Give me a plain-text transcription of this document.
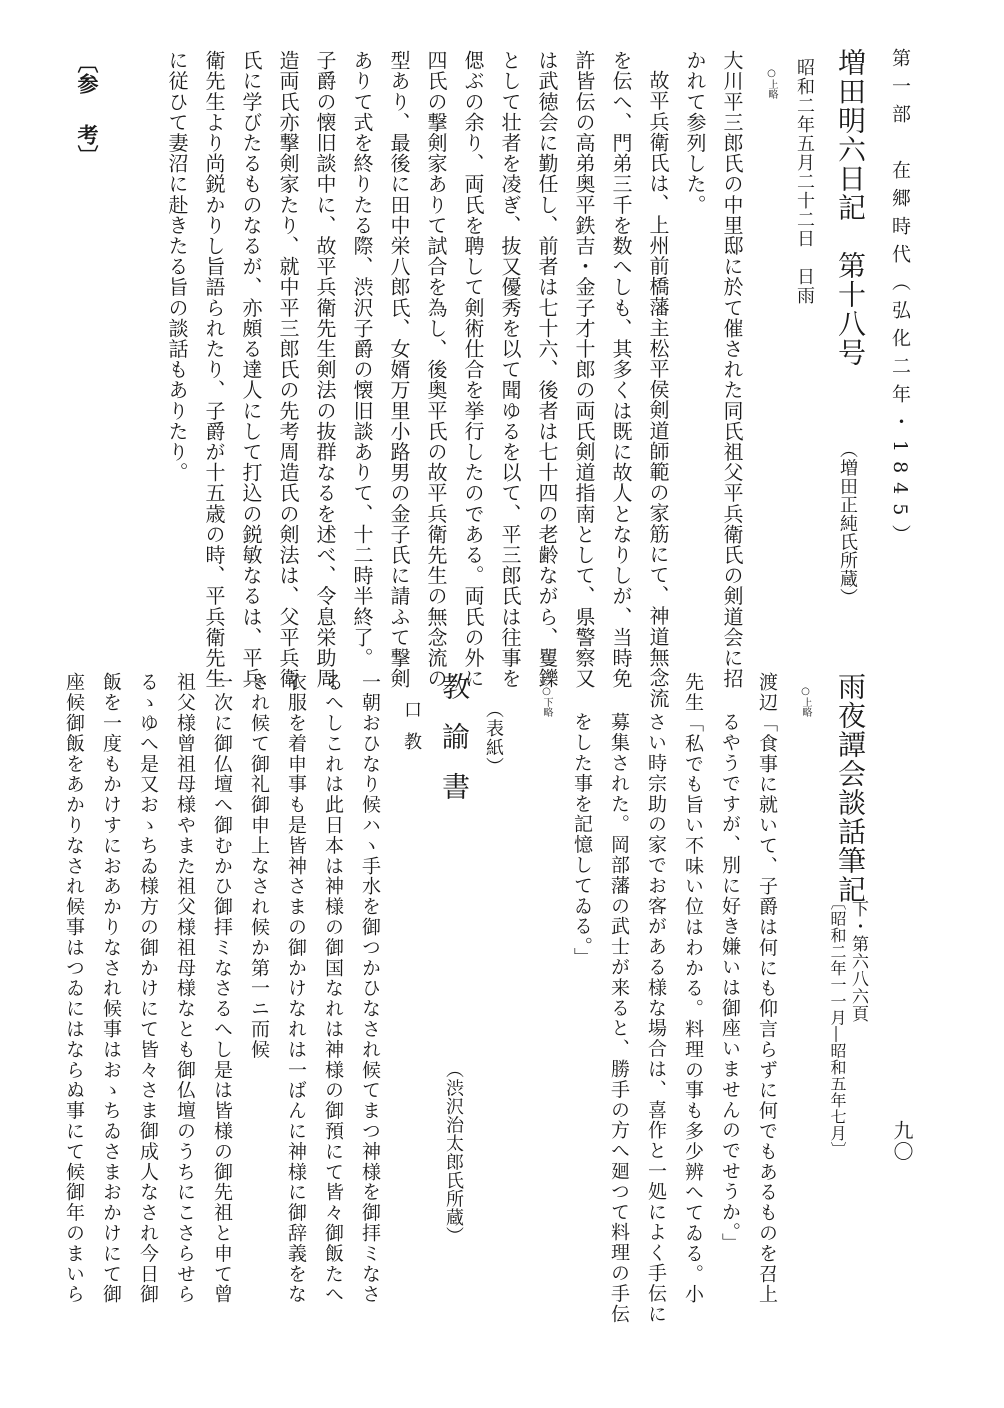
第一部　在郷時代（弘化二年・1845）
九〇
増田明六日記　第十八号
（増田正純氏所蔵）
昭和二年五月二十二日　日雨
○上略
大川平三郎氏の中里邸に於て催された同氏祖父平兵衛氏の剣道会に招
かれて参列した。
故平兵衛氏は、上州前橋藩主松平侯剣道師範の家筋にて、神道無念流
を伝へ、門弟三千を数へしも、其多くは既に故人となりしが、当時免
許皆伝の高弟奥平鉄吉・金子才十郎の両氏剣道指南として、県警察又
は武徳会に勤任し、前者は七十六、後者は七十四の老齢ながら、矍鑠
として壮者を凌ぎ、抜又優秀を以て聞ゆるを以て、平三郎氏は往事を
偲ぶの余り、両氏を聘して剣術仕合を挙行したのである。両氏の外に
四氏の撃剣家ありて試合を為し、後奥平氏の故平兵衛先生の無念流の
型あり、最後に田中栄八郎氏、女婿万里小路男の金子氏に請ふて撃剣
ありて式を終りたる際、渋沢子爵の懐旧談ありて、十二時半終了。
子爵の懐旧談中に、故平兵衛先生剣法の抜群なるを述べ、令息栄助周
造両氏亦撃剣家たり、就中平三郎氏の先考周造氏の剣法は、父平兵衛
氏に学びたるものなるが、亦頗る達人にして打込の鋭敏なるは、平兵
衛先生より尚鋭かりし旨語られたり、子爵が十五歳の時、平兵衛先生
に従ひて妻沼に赴きたる旨の談話もありたり。
〔参
考〕
雨夜譚会談話筆記
下・第六八六頁
〔昭和二年一一月―昭和五年七月〕
○上略
渡辺「食事に就いて、子爵は何にも仰言らずに何でもあるものを召上
るやうですが、別に好き嫌いは御座いませんのでせうか。」
先生「私でも旨い不味い位はわかる。料理の事も多少辨へてゐる。小
さい時宗助の家でお客がある様な場合は、喜作と一処によく手伝に
募集された。岡部藩の武士が来ると、勝手の方へ廻つて料理の手伝
をした事を記憶してゐる。」
○下略
（表紙）
教諭書
（渋沢治太郎氏所蔵）
口教
一朝おひなり候ハヽ手水を御つかひなされ候てまつ神様を御拝ミなさ
るへしこれは此日本は神様の御国なれは神様の御預にて皆々御飯たへ
衣服を着申事も是皆神さまの御かけなれは一ばんに神様に御辞義をな
され候て御礼御申上なされ候か第一ニ而候
一次に御仏壇へ御むかひ御拝ミなさるへし是は皆様の御先祖と申て曾
祖父様曾祖母様やまた祖父様祖母様なとも御仏壇のうちにこさらせら
るゝゆへ是又おゝちゐ様方の御かけにて皆々さま御成人なされ今日御
飯を一度もかけすにおあかりなされ候事はおゝちゐさまおかけにて御
座候御飯をあかりなされ候事はつゐにはならぬ事にて候御年のまいら
